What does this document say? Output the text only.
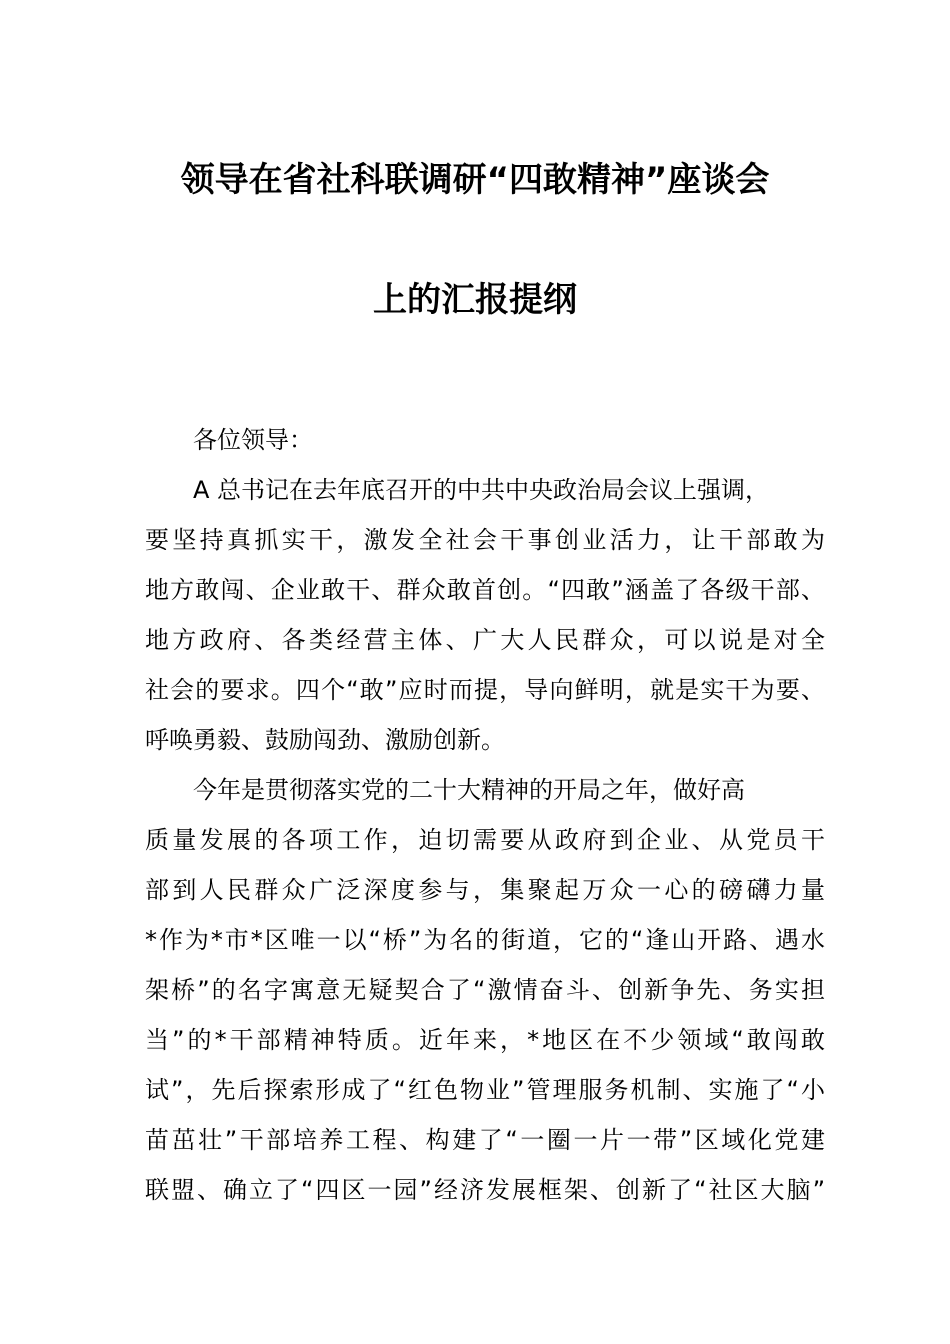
领导在省社科联调研“四敢精神”座谈会
上的汇报提纲
各位领导：
A 总书记在去年底召开的中共中央政治局会议上强调，
要坚持真抓实干，激发全社会干事创业活力，让干部敢为
地方敢闯、企业敢干、群众敢首创。“四敢”涵盖了各级干部、
地方政府、各类经营主体、广大人民群众，可以说是对全
社会的要求。四个“敢”应时而提，导向鲜明，就是实干为要、
呼唤勇毅、鼓励闯劲、激励创新。
今年是贯彻落实党的二十大精神的开局之年，做好高
质量发展的各项工作，迫切需要从政府到企业、从党员干
部到人民群众广泛深度参与，集聚起万众一心的磅礴力量
*作为*市*区唯一以“桥”为名的街道，它的“逢山开路、遇水
架桥”的名字寓意无疑契合了“激情奋斗、创新争先、务实担
当”的*干部精神特质。近年来，*地区在不少领域“敢闯敢
试”，先后探索形成了“红色物业”管理服务机制、实施了“小
苗茁壮”干部培养工程、构建了“一圈一片一带”区域化党建
联盟、确立了“四区一园”经济发展框架、创新了“社区大脑”
